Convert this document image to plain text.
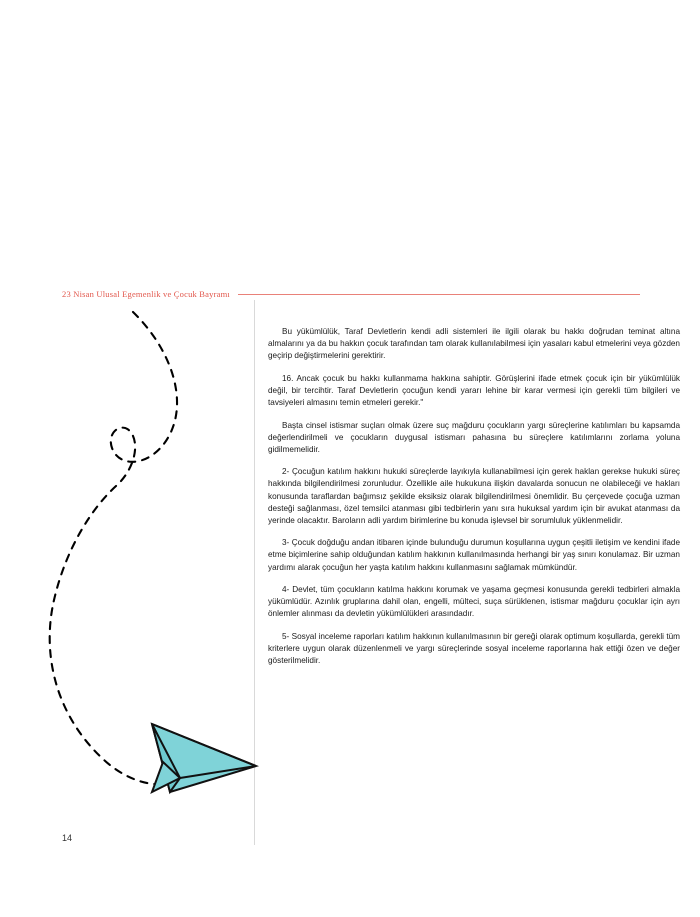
23 Nisan Ulusal Egemenlik ve Çocuk Bayramı

Bu yükümlülük, Taraf Devletlerin kendi adli sistemleri ile ilgili olarak bu hakkı doğrudan teminat altına almalarını ya da bu hakkın çocuk tarafından tam olarak kullanılabilmesi için yasaları kabul etmelerini veya gözden geçirip değiştirmelerini gerektirir.

16. Ancak çocuk bu hakkı kullanmama hakkına sahiptir. Görüşlerini ifade etmek çocuk için bir yükümlülük değil, bir tercihtir. Taraf Devletlerin çocuğun kendi yararı lehine bir karar vermesi için gerekli tüm bilgileri ve tavsiyeleri almasını temin etmeleri gerekir."

Başta cinsel istismar suçları olmak üzere suç mağduru çocukların yargı süreçlerine katılımları bu kapsamda değerlendirilmeli ve çocukların duygusal istismarı pahasına bu süreçlere katılımlarını zorlama yoluna gidilmemelidir.

2- Çocuğun katılım hakkını hukuki süreçlerde layıkıyla kullanabilmesi için gerek haklan gerekse hukuki süreç hakkında bilgilendirilmesi zorunludur. Özellikle aile hukukuna ilişkin davalarda sonucun ne olabileceği ve hakları konusunda taraflardan bağımsız şekilde eksiksiz olarak bilgilendirilmesi önemlidir. Bu çerçevede çocuğa uzman desteği sağlanması, özel temsilci atanması gibi tedbirlerin yanı sıra hukuksal yardım için bir avukat atanması da yerinde olacaktır. Baroların adli yardım birimlerine bu konuda işlevsel bir sorumluluk yüklenmelidir.

3- Çocuk doğduğu andan itibaren içinde bulunduğu durumun koşullarına uygun çeşitli iletişim ve kendini ifade etme biçimlerine sahip olduğundan katılım hakkının kullanılmasında herhangi bir yaş sınırı konulamaz. Bir uzman yardımı alarak çocuğun her yaşta katılım hakkını kullanmasını sağlamak mümkündür.

4- Devlet, tüm çocukların katılma hakkını korumak ve yaşama geçmesi konusunda gerekli tedbirleri almakla yükümlüdür. Azınlık gruplarına dahil olan, engelli, mülteci, suça sürüklenen, istismar mağduru çocuklar için ayrı önlemler alınması da devletin yükümlülükleri arasındadır.

5- Sosyal inceleme raporları katılım hakkının kullanılmasının bir gereği olarak optimum koşullarda, gerekli tüm kriterlere uygun olarak düzenlenmeli ve yargı süreçlerinde sosyal inceleme raporlarına hak ettiği özen ve değer gösterilmelidir.

14
